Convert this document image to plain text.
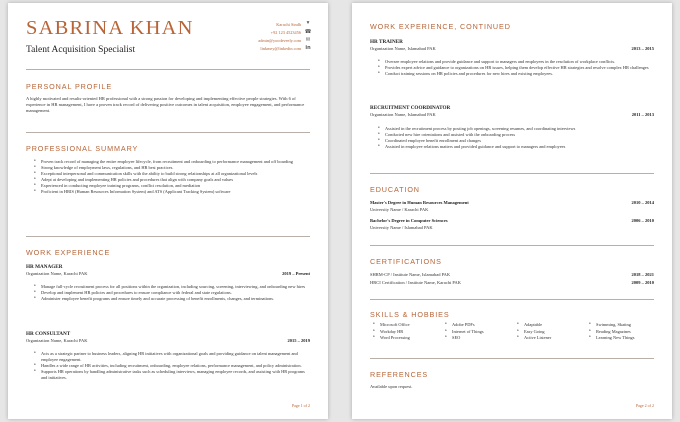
SABRINA KHAN
Talent Acquisition Specialist
Karachi Sindh	▾
+92 123 4523456 ☎
admin@yoodeveely.com ✉
linkmey@linkedin.com in
PERSONAL PROFILE
A highly motivated and results-oriented HR professional with a strong passion for developing and implementing effective people strategies. With 6 of experience in HR management, I have a proven track record of delivering positive outcomes in talent acquisition, employee engagement, and performance management.
PROFESSIONAL SUMMARY
• Proven track record of managing the entire employee lifecycle, from recruitment and onboarding to performance management and off boarding
• Strong knowledge of employment laws, regulations, and HR best practices.
• Exceptional interpersonal and communication skills with the ability to build strong relationships at all organizational levels
• Adept at developing and implementing HR policies and procedures that align with company goals and values
• Experienced in conducting employee training programs, conflict resolution, and mediation
• Proficient in HRIS (Human Resources Information System) and ATS (Applicant Tracking System) software
WORK EXPERIENCE
HR MANAGER
Organization Name, Karachi PAK	2019 – Present
• Manage full-cycle recruitment process for all positions within the organization, including sourcing, screening, interviewing, and onboarding new hires
• Develop and implement HR policies and procedures to ensure compliance with federal and state regulations.
• Administer employee benefit programs and ensure timely and accurate processing of benefit enrollments, changes, and terminations.
HR CONSULTANT
Organization Name, Karachi PAK	2015 – 2019
• Acts as a strategic partner to business leaders, aligning HR initiatives with organizational goals and providing guidance on talent management and employee engagement.
• Handles a wide range of HR activities, including recruitment, onboarding, employee relations, performance management, and policy administration.
• Supports HR operations by handling administrative tasks such as scheduling interviews, managing employee records, and assisting with HR programs and initiatives.
Page 1 of 2
WORK EXPERIENCE, CONTINUED
HR TRAINER
Organization Name, Islamabad PAK	2013 – 2015
• Oversee employee relations and provide guidance and support to managers and employees in the resolution of workplace conflicts.
• Provides expert advice and guidance to organizations on HR issues, helping them develop effective HR strategies and resolve complex HR challenges
• Conduct training sessions on HR policies and procedures for new hires and existing employees.
RECRUITMENT COORDINATOR
Organization Name, Islamabad PAK	2011 – 2013
• Assisted in the recruitment process by posting job openings, screening resumes, and coordinating interviews
• Conducted new hire orientations and assisted with the onboarding process
• Coordinated employee benefit enrollment and changes
• Assisted in employee relations matters and provided guidance and support to managers and employees
EDUCATION
Master's Degree in Human Resources Management	2010 – 2014
University Name / Karachi PAK
Bachelor's Degree in Computer Sciences	2006 – 2010
University Name / Islamabad PAK
CERTIFICATIONS
SHRM-CP / Institute Name, Islamabad PAK	2018 – 2021
HRCI Certification / Institute Name, Karachi PAK	2009 – 2010
SKILLS & HOBBIES
• Microsoft Office	• Adobe PDFs	• Adaptable	• Swimming, Skating
• Workday HR	• Internet of Things	• Easy Going	• Reading Magazines
• Word Processing	• SEO	• Active Listener	• Learning New Things
REFERENCES
Available upon request.
Page 2 of 2
